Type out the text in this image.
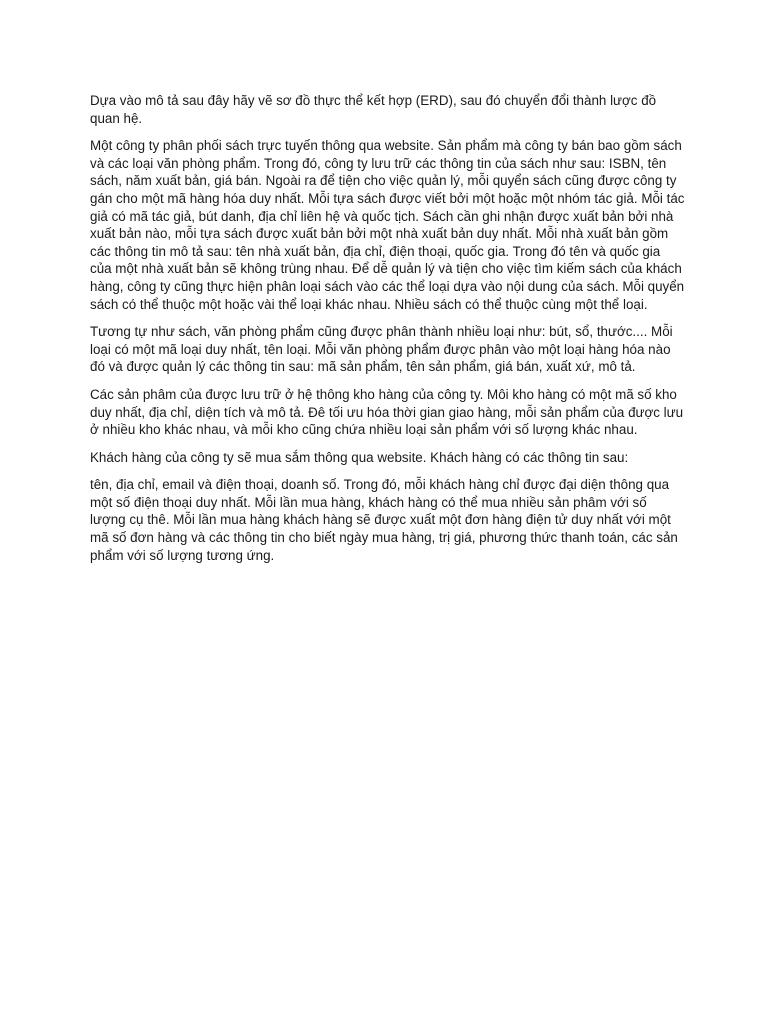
Dựa vào mô tả sau đây hãy vẽ sơ đồ thực thể kết hợp (ERD), sau đó chuyển đổi thành lược đồ quan hệ.

Một công ty phân phối sách trực tuyến thông qua website. Sản phẩm mà công ty bán bao gồm sách và các loại văn phòng phẩm. Trong đó, công ty lưu trữ các thông tin của sách như sau: ISBN, tên sách, năm xuất bản, giá bán. Ngoài ra để tiện cho việc quản lý, mỗi quyển sách cũng được công ty gán cho một mã hàng hóa duy nhất. Mỗi tựa sách được viết bởi một hoặc một nhóm tác giả. Mỗi tác giả có mã tác giả, bút danh, địa chỉ liên hệ và quốc tịch. Sách cần ghi nhận được xuất bản bởi nhà xuất bản nào, mỗi tựa sách được xuất bản bởi một nhà xuất bản duy nhất. Mỗi nhà xuất bản gồm các thông tin mô tả sau: tên nhà xuất bản, địa chỉ, điện thoại, quốc gia. Trong đó tên và quốc gia của một nhà xuất bản sẽ không trùng nhau. Để dễ quản lý và tiện cho việc tìm kiếm sách của khách hàng, công ty cũng thực hiện phân loại sách vào các thể loại dựa vào nội dung của sách. Mỗi quyển sách có thể thuộc một hoặc vài thể loại khác nhau. Nhiều sách có thể thuộc cùng một thể loại.

Tương tự như sách, văn phòng phẩm cũng được phân thành nhiều loại như: bút, sổ, thước.... Mỗi loại có một mã loại duy nhất, tên loại. Mỗi văn phòng phẩm được phân vào một loại hàng hóa nào đó và được quản lý các thông tin sau: mã sản phẩm, tên sản phẩm, giá bán, xuất xứ, mô tả.

Các sản phâm của được lưu trữ ở hệ thông kho hàng của công ty. Môi kho hàng có một mã số kho duy nhất, địa chỉ, diện tích và mô tả. Đê tối ưu hóa thời gian giao hàng, mỗi sản phẩm của được lưu ở nhiều kho khác nhau, và mỗi kho cũng chứa nhiều loại sản phẩm với số lượng khác nhau.

Khách hàng của công ty sẽ mua sắm thông qua website. Khách hàng có các thông tin sau:

tên, địa chỉ, email và điện thoại, doanh số. Trong đó, mỗi khách hàng chỉ được đại diện thông qua một số điện thoại duy nhất. Mỗi lần mua hàng, khách hàng có thể mua nhiều sản phâm với số lượng cụ thê. Mỗi lần mua hàng khách hàng sẽ được xuất một đơn hàng điện tử duy nhất với một mã số đơn hàng và các thông tin cho biết ngày mua hàng, trị giá, phương thức thanh toán, các sản phẩm với số lượng tương ứng.
